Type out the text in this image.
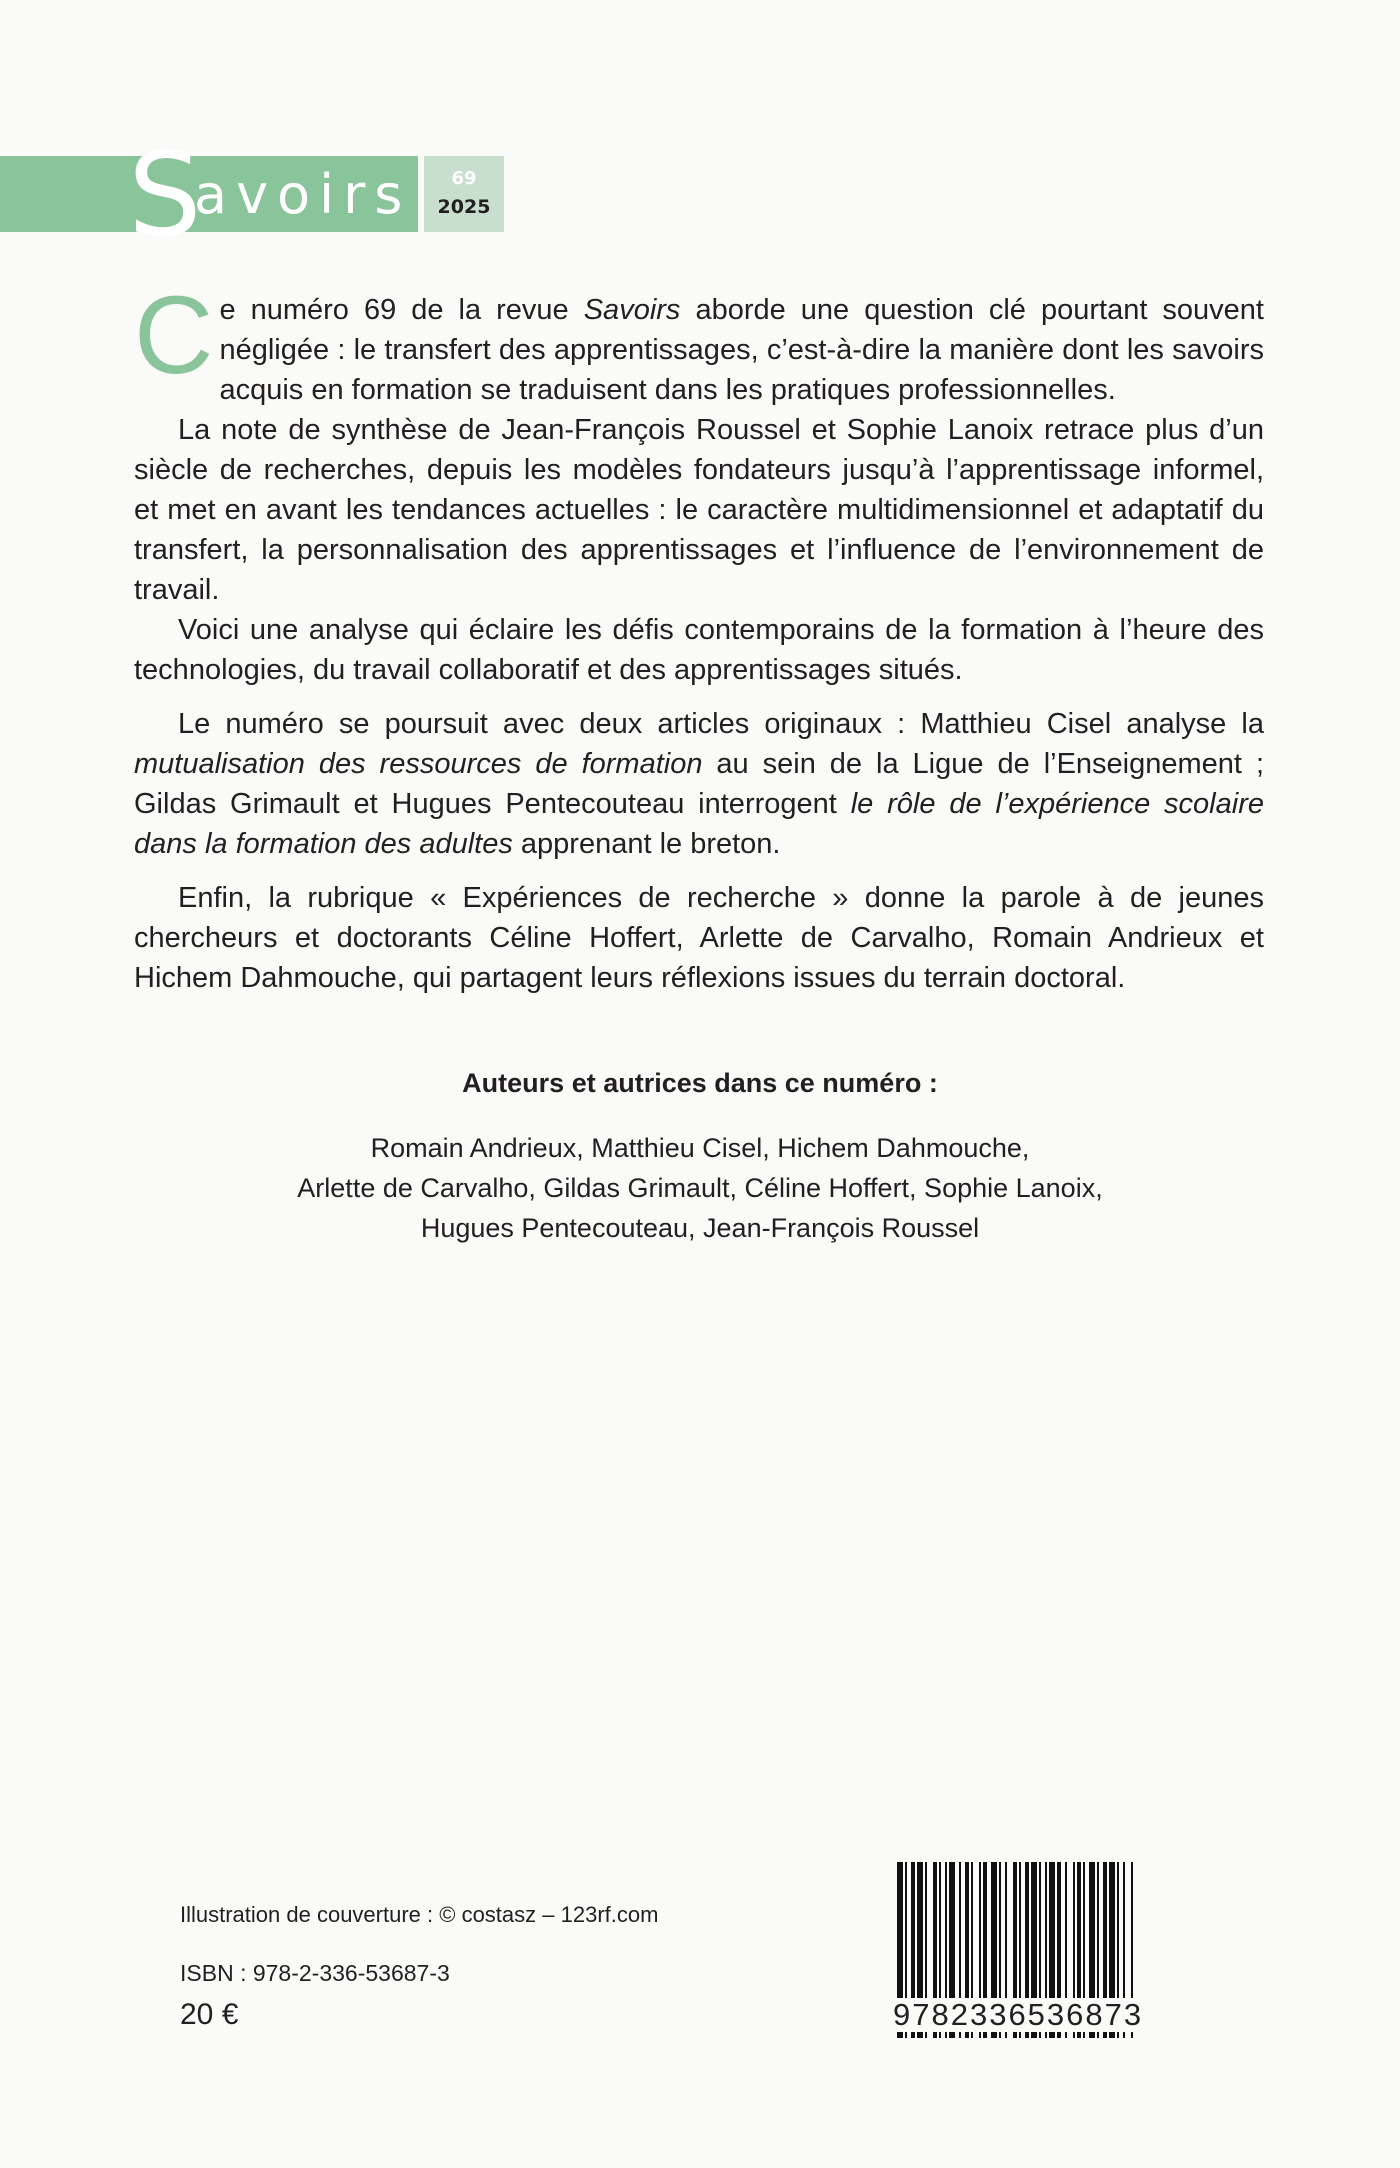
S
avoirs	69
2025

Ce numéro 69 de la revue Savoirs aborde une question clé pourtant souvent négligée : le transfert des apprentissages, c’est-à-dire la manière dont les savoirs acquis en formation se traduisent dans les pratiques professionnelles.

La note de synthèse de Jean-François Roussel et Sophie Lanoix retrace plus d’un siècle de recherches, depuis les modèles fondateurs jusqu’à l’apprentissage informel, et met en avant les tendances actuelles : le caractère multidimensionnel et adaptatif du transfert, la personnalisation des apprentissages et l’influence de l’environnement de travail.

Voici une analyse qui éclaire les défis contemporains de la formation à l’heure des technologies, du travail collaboratif et des apprentissages situés.

Le numéro se poursuit avec deux articles originaux : Matthieu Cisel analyse la mutualisation des ressources de formation au sein de la Ligue de l’Enseignement ; Gildas Grimault et Hugues Pentecouteau interrogent le rôle de l’expérience scolaire dans la formation des adultes apprenant le breton.

Enfin, la rubrique « Expériences de recherche » donne la parole à de jeunes chercheurs et doctorants Céline Hoffert, Arlette de Carvalho, Romain Andrieux et Hichem Dahmouche, qui partagent leurs réflexions issues du terrain doctoral.

Auteurs et autrices dans ce numéro :
Romain Andrieux, Matthieu Cisel, Hichem Dahmouche,
Arlette de Carvalho, Gildas Grimault, Céline Hoffert, Sophie Lanoix,
Hugues Pentecouteau, Jean-François Roussel
Illustration de couverture : © costasz – 123rf.com
ISBN : 978-2-336-53687-3
20 €	9782336536873
